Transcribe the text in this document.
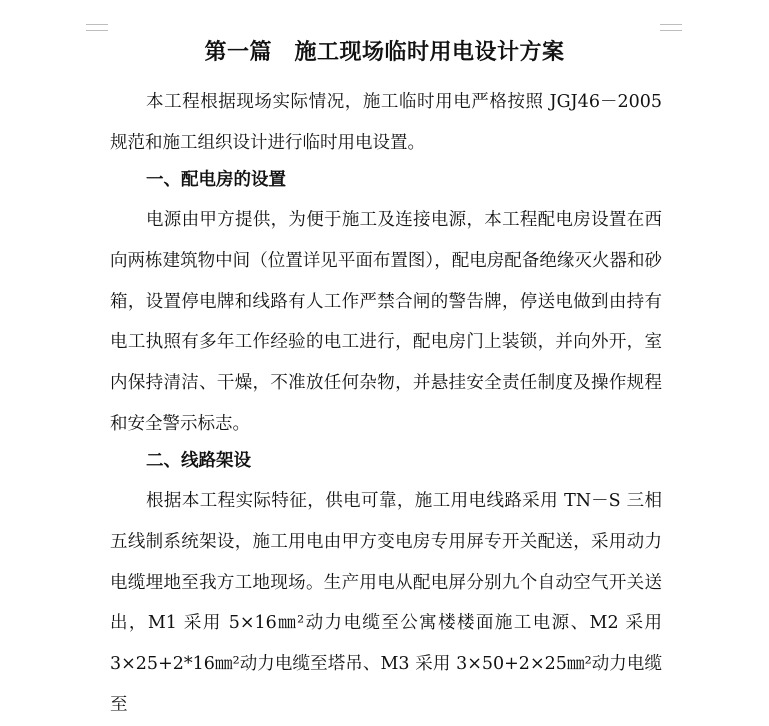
第一篇　施工现场临时用电设计方案

本工程根据现场实际情况，施工临时用电严格按照 JGJ46－2005规范和施工组织设计进行临时用电设置。

一、配电房的设置

电源由甲方提供，为便于施工及连接电源，本工程配电房设置在西向两栋建筑物中间（位置详见平面布置图），配电房配备绝缘灭火器和砂箱，设置停电牌和线路有人工作严禁合闸的警告牌，停送电做到由持有电工执照有多年工作经验的电工进行，配电房门上装锁，并向外开，室内保持清洁、干燥，不准放任何杂物，并悬挂安全责任制度及操作规程和安全警示标志。

二、线路架设

根据本工程实际特征，供电可靠，施工用电线路采用 TN－S 三相五线制系统架设，施工用电由甲方变电房专用屏专开关配送，采用动力电缆埋地至我方工地现场。生产用电从配电屏分别九个自动空气开关送出，M1 采用 5×16㎜²动力电缆至公寓楼楼面施工电源、M2 采用 3×25+2*16㎜²动力电缆至塔吊、M3 采用 3×50+2×25㎜²动力电缆至
